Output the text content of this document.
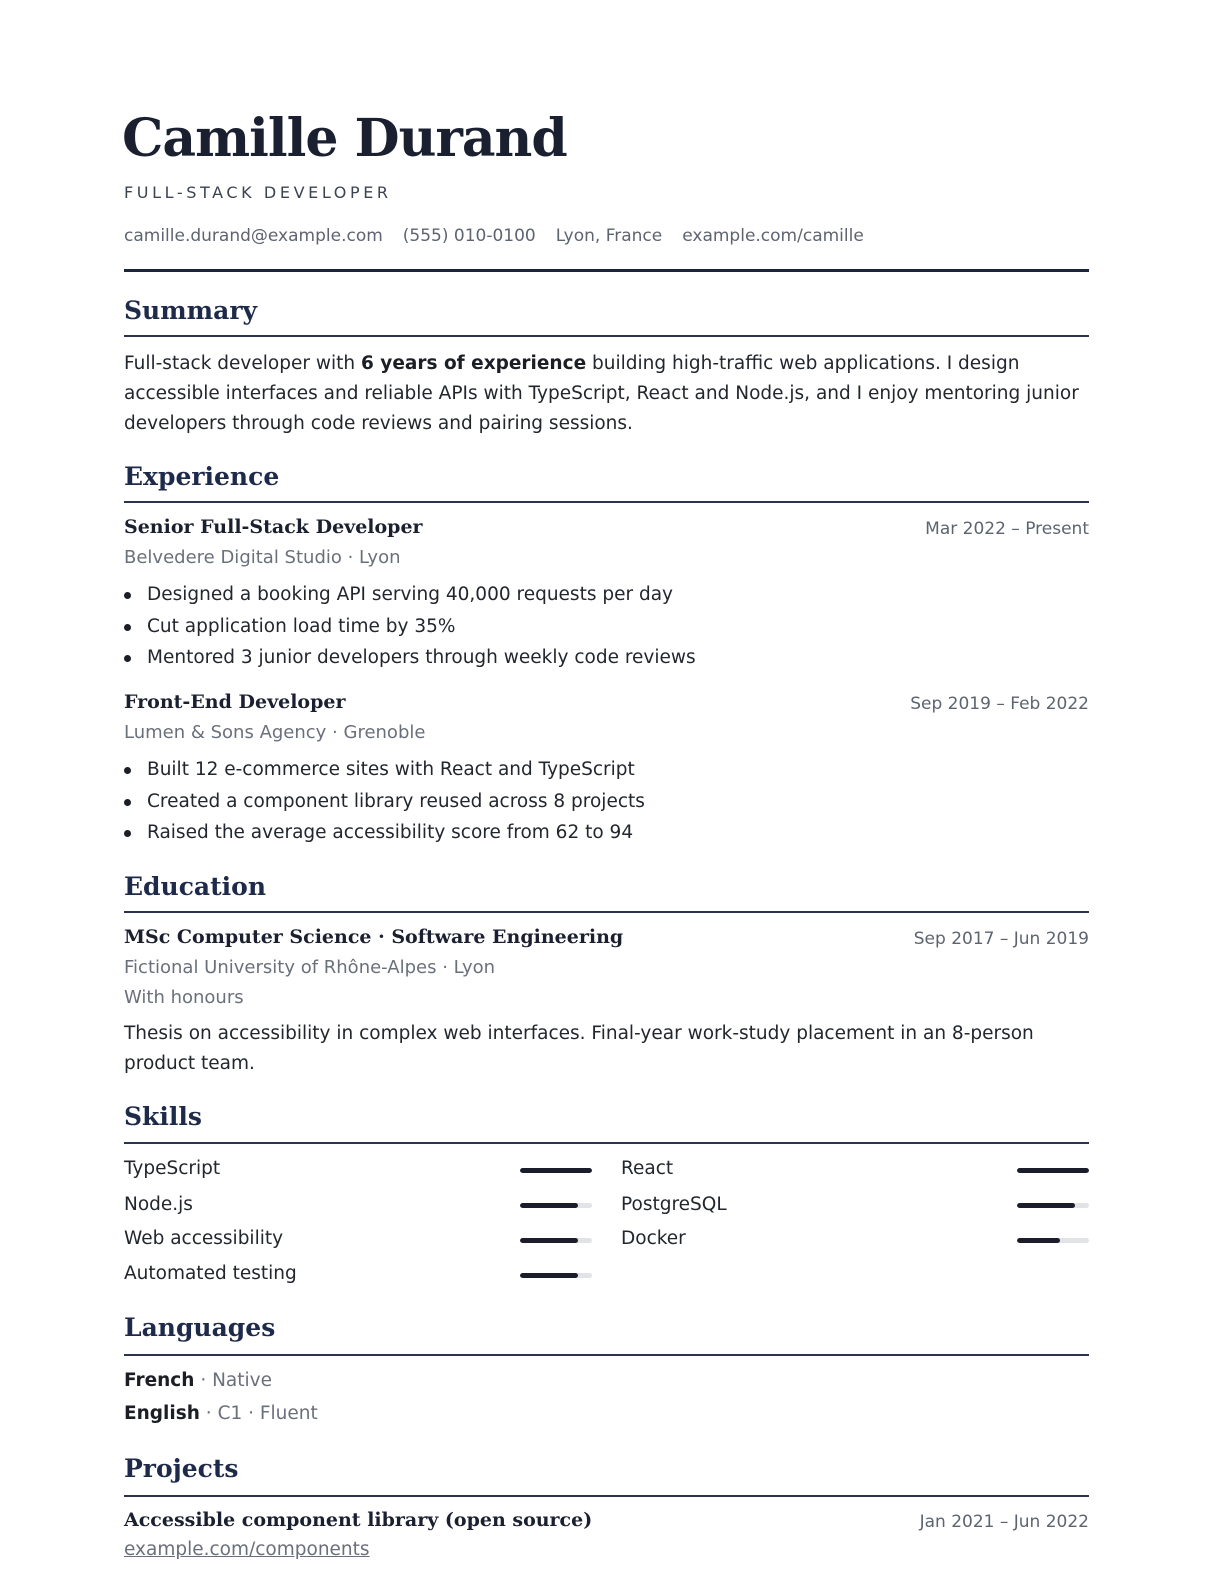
Camille Durand
FULL-STACK DEVELOPER
camille.durand@example.com (555) 010-0100 Lyon, France example.com/camille
Summary

Full-stack developer with 6 years of experience building high-traffic web applications. I design accessible interfaces and reliable APIs with TypeScript, React and Node.js, and I enjoy mentoring junior developers through code reviews and pairing sessions.

Experience
Senior Full-Stack Developer	Mar 2022 – Present
Belvedere Digital Studio · Lyon
Designed a booking API serving 40,000 requests per day
Cut application load time by 35%
Mentored 3 junior developers through weekly code reviews
Front-End Developer	Sep 2019 – Feb 2022
Lumen & Sons Agency · Grenoble
Built 12 e-commerce sites with React and TypeScript
Created a component library reused across 8 projects
Raised the average accessibility score from 62 to 94
Education
MSc Computer Science · Software Engineering	Sep 2017 – Jun 2019
Fictional University of Rhône-Alpes · Lyon
With honours

Thesis on accessibility in complex web interfaces. Final-year work-study placement in an 8-person product team.

Skills
TypeScript	React
Node.js	PostgreSQL
Web accessibility	Docker
Automated testing
Languages
French · Native
English · C1 · Fluent
Projects
Accessible component library (open source)	Jan 2021 – Jun 2022
example.com/components
